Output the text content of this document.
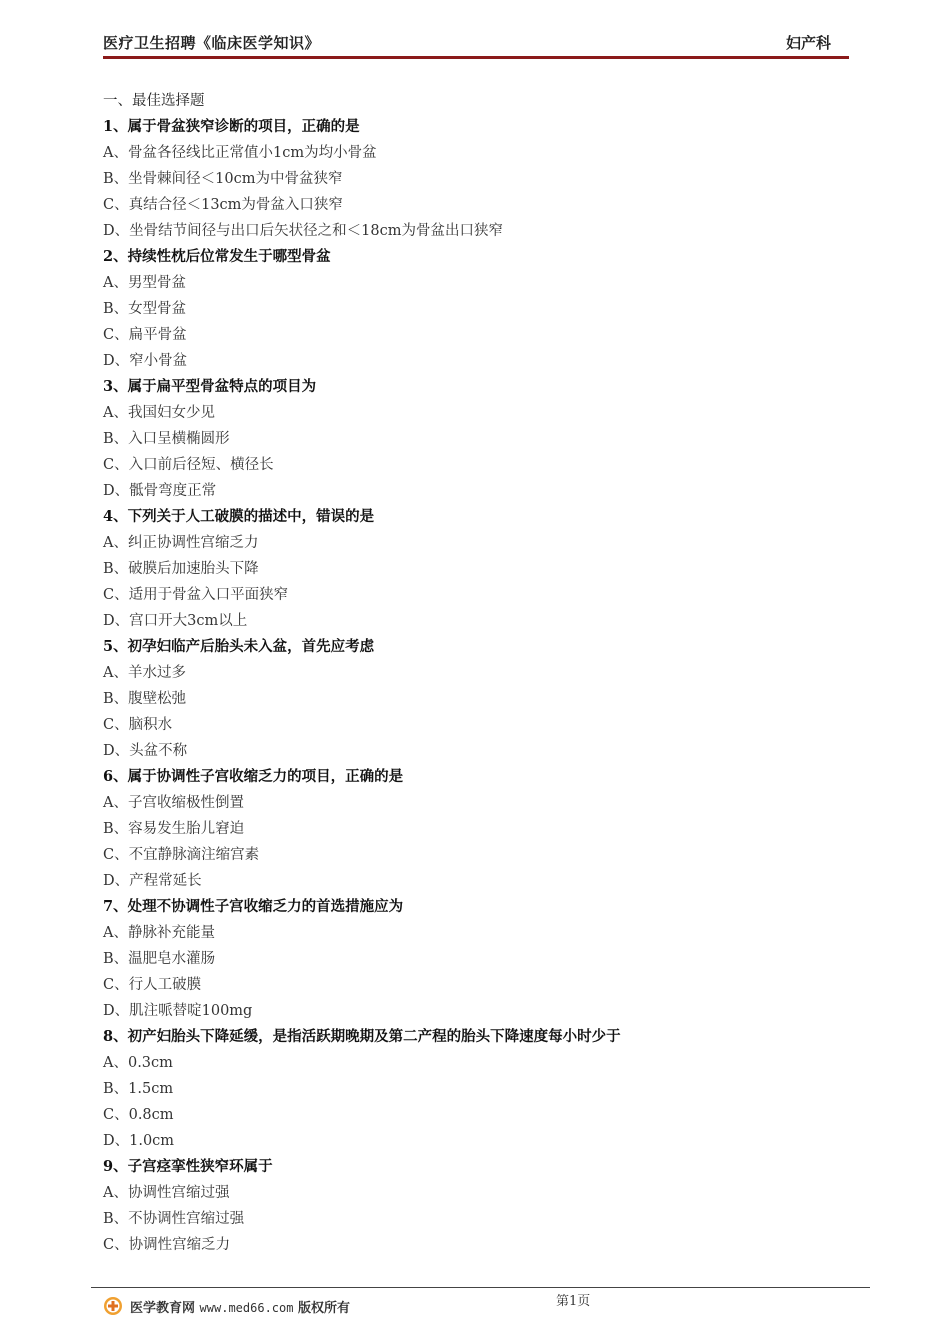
医疗卫生招聘《临床医学知识》	妇产科
一、最佳选择题
1、属于骨盆狭窄诊断的项目，正确的是
A、骨盆各径线比正常值小1cm为均小骨盆
B、坐骨棘间径＜10cm为中骨盆狭窄
C、真结合径＜13cm为骨盆入口狭窄
D、坐骨结节间径与出口后矢状径之和＜18cm为骨盆出口狭窄
2、持续性枕后位常发生于哪型骨盆
A、男型骨盆
B、女型骨盆
C、扁平骨盆
D、窄小骨盆
3、属于扁平型骨盆特点的项目为
A、我国妇女少见
B、入口呈横椭圆形
C、入口前后径短、横径长
D、骶骨弯度正常
4、下列关于人工破膜的描述中，错误的是
A、纠正协调性宫缩乏力
B、破膜后加速胎头下降
C、适用于骨盆入口平面狭窄
D、宫口开大3cm以上
5、初孕妇临产后胎头未入盆，首先应考虑
A、羊水过多
B、腹壁松弛
C、脑积水
D、头盆不称
6、属于协调性子宫收缩乏力的项目，正确的是
A、子宫收缩极性倒置
B、容易发生胎儿窘迫
C、不宜静脉滴注缩宫素
D、产程常延长
7、处理不协调性子宫收缩乏力的首选措施应为
A、静脉补充能量
B、温肥皂水灌肠
C、行人工破膜
D、肌注哌替啶100mg
8、初产妇胎头下降延缓，是指活跃期晚期及第二产程的胎头下降速度每小时少于
A、0.3cm
B、1.5cm
C、0.8cm
D、1.0cm
9、子宫痉挛性狭窄环属于
A、协调性宫缩过强
B、不协调性宫缩过强
C、协调性宫缩乏力
第1页
医学教育网 www.med66.com 版权所有
